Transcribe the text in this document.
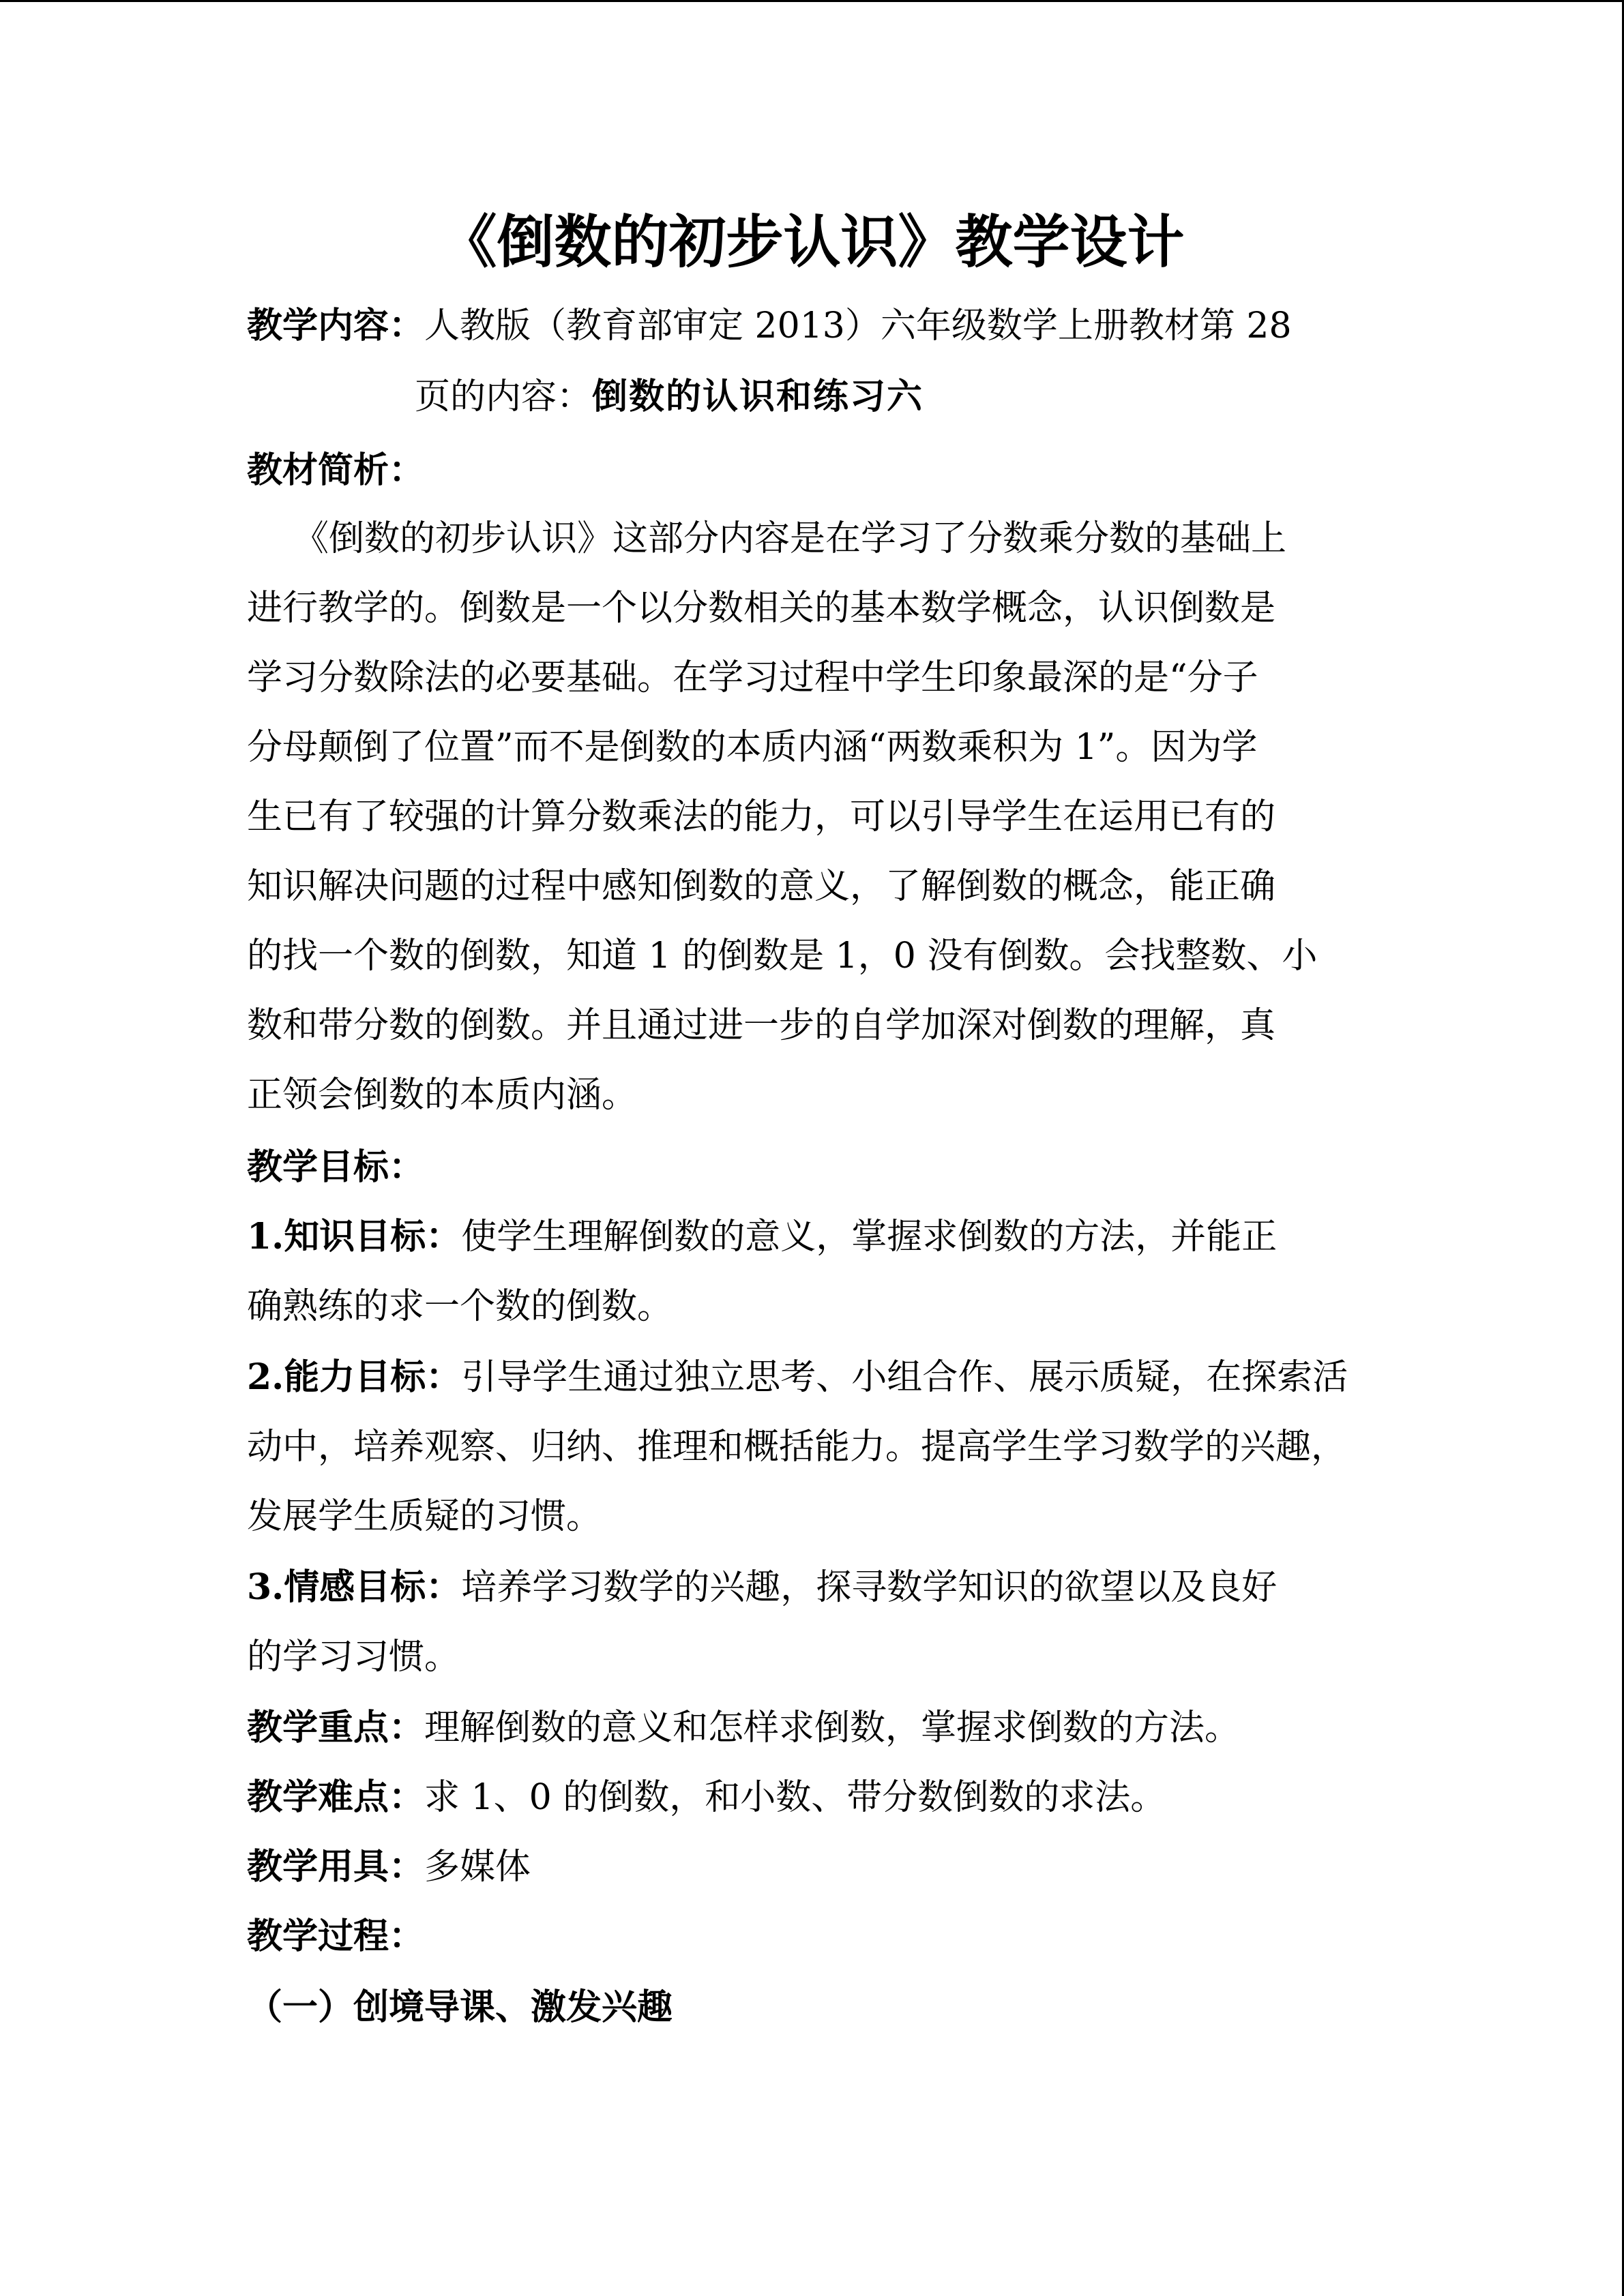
《倒数的初步认识》教学设计
教学内容：人教版（教育部审定 2013）六年级数学上册教材第 28
页的内容：倒数的认识和练习六
教材简析：
《倒数的初步认识》这部分内容是在学习了分数乘分数的基础上
进行教学的。倒数是一个以分数相关的基本数学概念，认识倒数是
学习分数除法的必要基础。在学习过程中学生印象最深的是“分子
分母颠倒了位置”而不是倒数的本质内涵“两数乘积为 1”。因为学
生已有了较强的计算分数乘法的能力，可以引导学生在运用已有的
知识解决问题的过程中感知倒数的意义，了解倒数的概念，能正确
的找一个数的倒数，知道 1 的倒数是 1，0 没有倒数。会找整数、小
数和带分数的倒数。并且通过进一步的自学加深对倒数的理解，真
正领会倒数的本质内涵。
教学目标：
1.知识目标：使学生理解倒数的意义，掌握求倒数的方法，并能正
确熟练的求一个数的倒数。
2.能力目标：引导学生通过独立思考、小组合作、展示质疑，在探索活
动中，培养观察、归纳、推理和概括能力。提高学生学习数学的兴趣，
发展学生质疑的习惯。
3.情感目标：培养学习数学的兴趣，探寻数学知识的欲望以及良好
的学习习惯。
教学重点：理解倒数的意义和怎样求倒数，掌握求倒数的方法。
教学难点：求 1、0 的倒数，和小数、带分数倒数的求法。
教学用具：多媒体
教学过程：
（一）创境导课、激发兴趣
